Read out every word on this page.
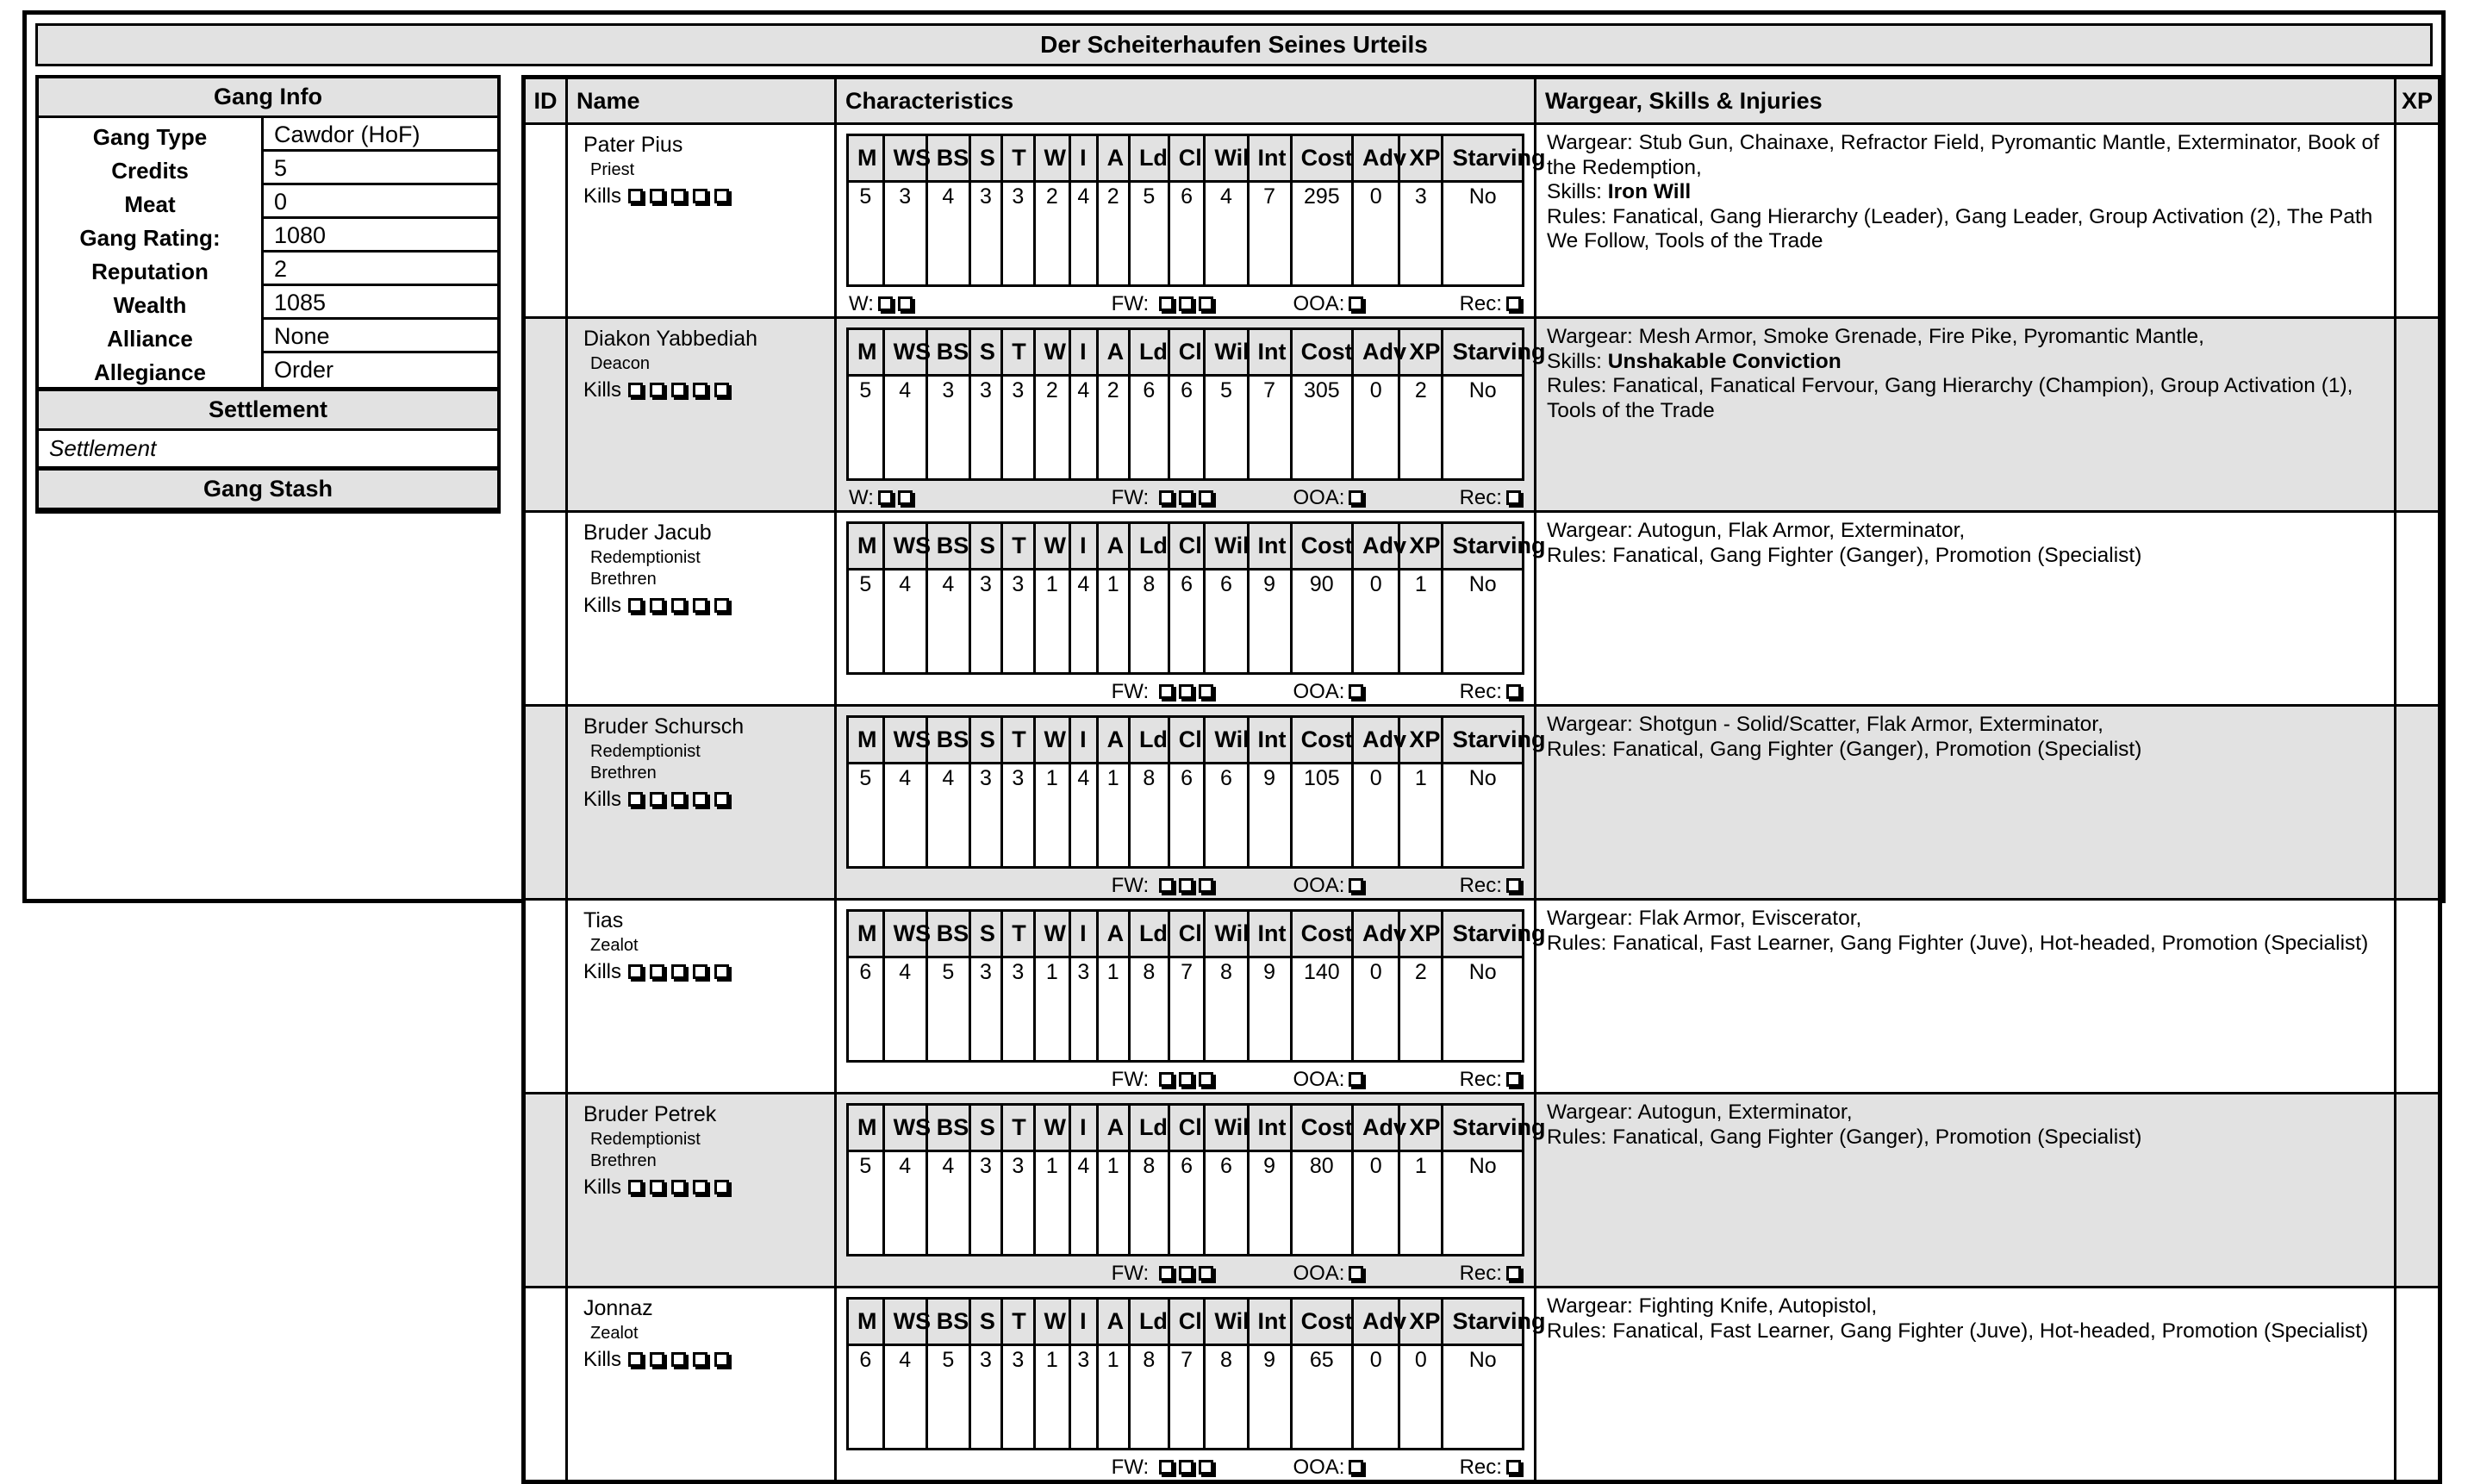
Der Scheiterhaufen Seines Urteils
Gang Info
Gang Type	Cawdor (HoF)
Credits	5
Meat	0
Gang Rating:	1080
Reputation	2
Wealth	1085
Alliance	None
Allegiance	Order
Settlement
Settlement
Gang Stash
ID	Name	Characteristics	Wargear, Skills & Injuries	XP

Pater Pius
Priest
Kills

M	WS	BS	S	T	W	I	A	Ld	Cl	Wil	Int	Cost	Adv	XP	Starving
5	3	4	3	3	2	4	2	5	6	4	7	295	0	3	No
W:	FW:	OOA:	Rec:

Wargear: Stub Gun, Chainaxe, Refractor Field, Pyromantic Mantle, Exterminator, Book of the Redemption,
Skills: Iron Will
Rules: Fanatical, Gang Hierarchy (Leader), Gang Leader, Group Activation (2), The Path We Follow, Tools of the Trade

Diakon Yabbediah
Deacon
Kills

M	WS	BS	S	T	W	I	A	Ld	Cl	Wil	Int	Cost	Adv	XP	Starving
5	4	3	3	3	2	4	2	6	6	5	7	305	0	2	No
W:	FW:	OOA:	Rec:

Wargear: Mesh Armor, Smoke Grenade, Fire Pike, Pyromantic Mantle,
Skills: Unshakable Conviction
Rules: Fanatical, Fanatical Fervour, Gang Hierarchy (Champion), Group Activation (1), Tools of the Trade

Bruder Jacub
Redemptionist Brethren
Kills

M	WS	BS	S	T	W	I	A	Ld	Cl	Wil	Int	Cost	Adv	XP	Starving
5	4	4	3	3	1	4	1	8	6	6	9	90	0	1	No
FW:	OOA:	Rec:

Wargear: Autogun, Flak Armor, Exterminator,
Rules: Fanatical, Gang Fighter (Ganger), Promotion (Specialist)

Bruder Schursch
Redemptionist Brethren
Kills

M	WS	BS	S	T	W	I	A	Ld	Cl	Wil	Int	Cost	Adv	XP	Starving
5	4	4	3	3	1	4	1	8	6	6	9	105	0	1	No
FW:	OOA:	Rec:

Wargear: Shotgun - Solid/Scatter, Flak Armor, Exterminator,
Rules: Fanatical, Gang Fighter (Ganger), Promotion (Specialist)

Tias
Zealot
Kills

M	WS	BS	S	T	W	I	A	Ld	Cl	Wil	Int	Cost	Adv	XP	Starving
6	4	5	3	3	1	3	1	8	7	8	9	140	0	2	No
FW:	OOA:	Rec:

Wargear: Flak Armor, Eviscerator,
Rules: Fanatical, Fast Learner, Gang Fighter (Juve), Hot-headed, Promotion (Specialist)

Bruder Petrek
Redemptionist Brethren
Kills

M	WS	BS	S	T	W	I	A	Ld	Cl	Wil	Int	Cost	Adv	XP	Starving
5	4	4	3	3	1	4	1	8	6	6	9	80	0	1	No
FW:	OOA:	Rec:

Wargear: Autogun, Exterminator,
Rules: Fanatical, Gang Fighter (Ganger), Promotion (Specialist)

Jonnaz
Zealot
Kills

M	WS	BS	S	T	W	I	A	Ld	Cl	Wil	Int	Cost	Adv	XP	Starving
6	4	5	3	3	1	3	1	8	7	8	9	65	0	0	No
FW:	OOA:	Rec:

Wargear: Fighting Knife, Autopistol,
Rules: Fanatical, Fast Learner, Gang Fighter (Juve), Hot-headed, Promotion (Specialist)
